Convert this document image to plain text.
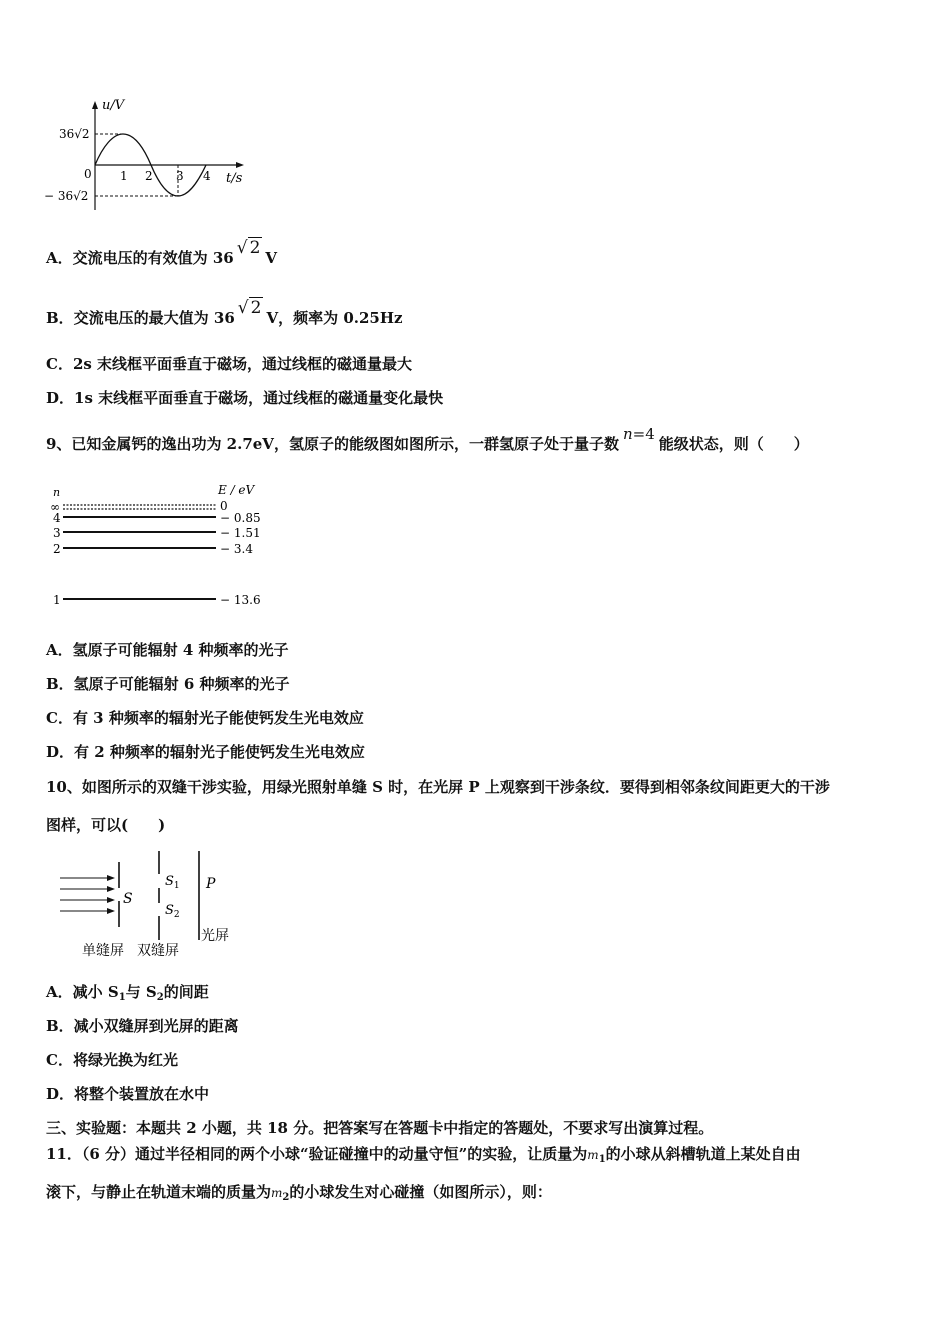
u/V
t/s
0
36√2
− 36√2
1 2 3 4
A．交流电压的有效值为 36 √ 2 V
B．交流电压的最大值为 36 √ 2 V，频率为 0.25Hz
C．2s 末线框平面垂直于磁场，通过线框的磁通量最大
D．1s 末线框平面垂直于磁场，通过线框的磁通量变化最快
9、已知金属钙的逸出功为 2.7eV，氢原子的能级图如图所示，一群氢原子处于量子数n=4能级状态，则（　　）
n	E / eV
∞	0
4	− 0.85
3	− 1.51
2	− 3.4
1	− 13.6
A．氢原子可能辐射 4 种频率的光子
B．氢原子可能辐射 6 种频率的光子
C．有 3 种频率的辐射光子能使钙发生光电效应
D．有 2 种频率的辐射光子能使钙发生光电效应
10、如图所示的双缝干涉实验，用绿光照射单缝 S 时，在光屏 P 上观察到干涉条纹．要得到相邻条纹间距更大的干涉
图样，可以(　　)
S
$S_1$
$S_2$
P
单缝屏 双缝屏
光屏
A．减小 $S_1$与 $S_2$的间距
B．减小双缝屏到光屏的距离
C．将绿光换为红光
D．将整个装置放在水中
三、实验题：本题共 2 小题，共 18 分。把答案写在答题卡中指定的答题处，不要求写出演算过程。
11．（6 分）通过半径相同的两个小球“验证碰撞中的动量守恒”的实验，让质量为$m_1$的小球从斜槽轨道上某处自由
滚下，与静止在轨道末端的质量为$m_2$的小球发生对心碰撞（如图所示），则：
